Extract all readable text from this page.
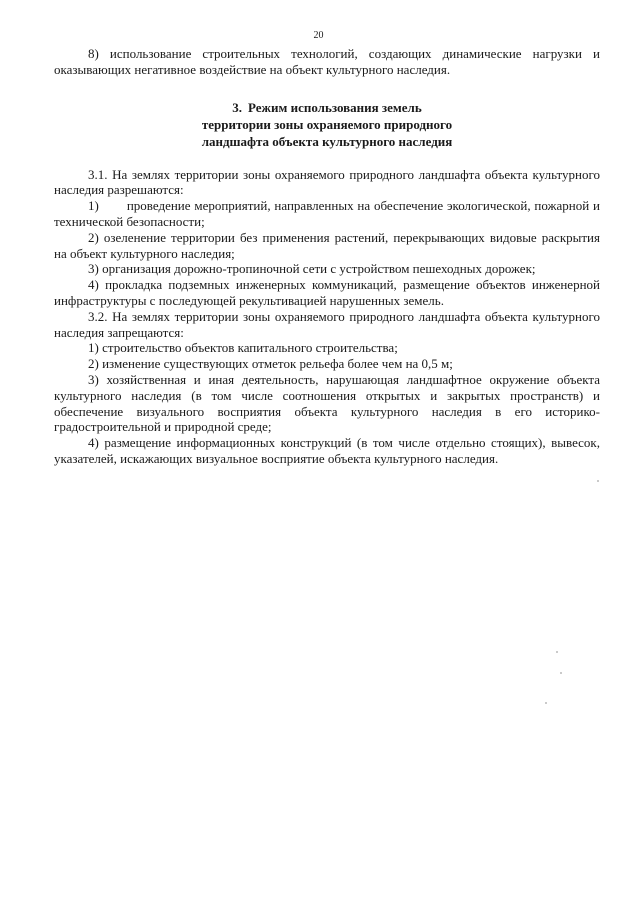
20

8) использование строительных технологий, создающих динамические нагрузки и оказывающих негативное воздействие на объект культурного наследия.

3. Режим использования земель
территории зоны охраняемого природного
ландшафта объекта культурного наследия

3.1. На землях территории зоны охраняемого природного ландшафта объекта культурного наследия разрешаются:

1) проведение мероприятий, направленных на обеспечение экологической, пожарной и технической безопасности;

2) озеленение территории без применения растений, перекрывающих видовые раскрытия на объект культурного наследия;

3) организация дорожно-тропиночной сети с устройством пешеходных дорожек;

4) прокладка подземных инженерных коммуникаций, размещение объектов инженерной инфраструктуры с последующей рекультивацией нарушенных земель.

3.2. На землях территории зоны охраняемого природного ландшафта объекта культурного наследия запрещаются:

1) строительство объектов капитального строительства;

2) изменение существующих отметок рельефа более чем на 0,5 м;

3) хозяйственная и иная деятельность, нарушающая ландшафтное окружение объекта культурного наследия (в том числе соотношения открытых и закрытых пространств) и обеспечение визуального восприятия объекта культурного наследия в его историко-градостроительной и природной среде;

4) размещение информационных конструкций (в том числе отдельно стоящих), вывесок, указателей, искажающих визуальное восприятие объекта культурного наследия.
